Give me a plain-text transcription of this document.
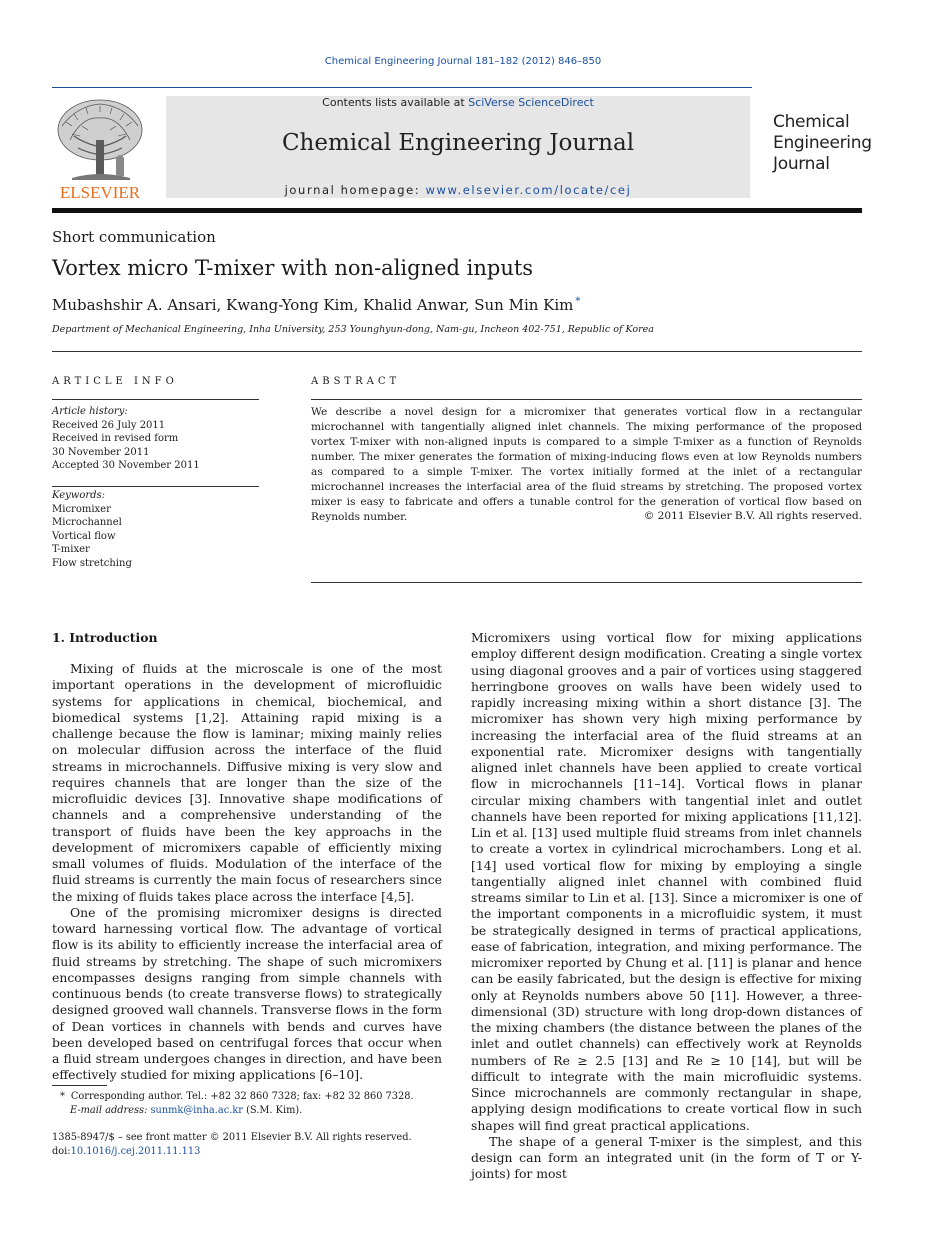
Chemical Engineering Journal 181–182 (2012) 846–850
ELSEVIER
Contents lists available at SciVerse ScienceDirect
Chemical Engineering Journal
journal homepage: www.elsevier.com/locate/cej
Chemical
Engineering
Journal
Short communication
Vortex micro T-mixer with non-aligned inputs
Mubashshir A. Ansari, Kwang-Yong Kim, Khalid Anwar, Sun Min Kim *
Department of Mechanical Engineering, Inha University, 253 Younghyun-dong, Nam-gu, Incheon 402-751, Republic of Korea
ARTICLE INFO	ABSTRACT
Article history:
Received 26 July 2011
Received in revised form
30 November 2011
Accepted 30 November 2011
Keywords:
Micromixer
Microchannel
Vortical flow
T-mixer
Flow stretching
We describe a novel design for a micromixer that generates vortical flow in a rectangular microchannel with tangentially aligned inlet channels. The mixing performance of the proposed vortex T-mixer with non-aligned inputs is compared to a simple T-mixer as a function of Reynolds number. The mixer generates the formation of mixing-inducing flows even at low Reynolds numbers as compared to a simple T-mixer. The vortex initially formed at the inlet of a rectangular microchannel increases the interfacial area of the fluid streams by stretching. The proposed vortex mixer is easy to fabricate and offers a tunable control for the generation of vortical flow based on Reynolds number.	© 2011 Elsevier B.V. All rights reserved.
1. Introduction

Mixing of fluids at the microscale is one of the most important operations in the development of microfluidic systems for applications in chemical, biochemical, and biomedical systems [1,2]. Attaining rapid mixing is a challenge because the flow is laminar; mixing mainly relies on molecular diffusion across the interface of the fluid streams in microchannels. Diffusive mixing is very slow and requires channels that are longer than the size of the microfluidic devices [3]. Innovative shape modifications of channels and a comprehensive understanding of the transport of fluids have been the key approachs in the development of micromixers capable of efficiently mixing small volumes of fluids. Modulation of the interface of the fluid streams is currently the main focus of researchers since the mixing of fluids takes place across the interface [4,5].

One of the promising micromixer designs is directed toward harnessing vortical flow. The advantage of vortical flow is its ability to efficiently increase the interfacial area of fluid streams by stretching. The shape of such micromixers encompasses designs ranging from simple channels with continuous bends (to create transverse flows) to strategically designed grooved wall channels. Transverse flows in the form of Dean vortices in channels with bends and curves have been developed based on centrifugal forces that occur when a fluid stream undergoes changes in direction, and have been effectively studied for mixing applications [6–10].

Micromixers using vortical flow for mixing applications employ different design modification. Creating a single vortex using diagonal grooves and a pair of vortices using staggered herringbone grooves on walls have been widely used to rapidly increasing mixing within a short distance [3]. The micromixer has shown very high mixing performance by increasing the interfacial area of the fluid streams at an exponential rate. Micromixer designs with tangentially aligned inlet channels have been applied to create vortical flow in microchannels [11–14]. Vortical flows in planar circular mixing chambers with tangential inlet and outlet channels have been reported for mixing applications [11,12]. Lin et al. [13] used multiple fluid streams from inlet channels to create a vortex in cylindrical microchambers. Long et al. [14] used vortical flow for mixing by employing a single tangentially aligned inlet channel with combined fluid streams similar to Lin et al. [13]. Since a micromixer is one of the important components in a microfluidic system, it must be strategically designed in terms of practical applications, ease of fabrication, integration, and mixing performance. The micromixer reported by Chung et al. [11] is planar and hence can be easily fabricated, but the design is effective for mixing only at Reynolds numbers above 50 [11]. However, a three-dimensional (3D) structure with long drop-down distances of the mixing chambers (the distance between the planes of the inlet and outlet channels) can effectively work at Reynolds numbers of Re ≥ 2.5 [13] and Re ≥ 10 [14], but will be difficult to integrate with the main microfluidic systems. Since microchannels are commonly rectangular in shape, applying design modifications to create vortical flow in such shapes will find great practical applications.

The shape of a general T-mixer is the simplest, and this design can form an integrated unit (in the form of T or Y-joints) for most

* Corresponding author. Tel.: +82 32 860 7328; fax: +82 32 860 7328.
E-mail address: sunmk@inha.ac.kr (S.M. Kim).
1385-8947/$ – see front matter © 2011 Elsevier B.V. All rights reserved.
doi:10.1016/j.cej.2011.11.113
